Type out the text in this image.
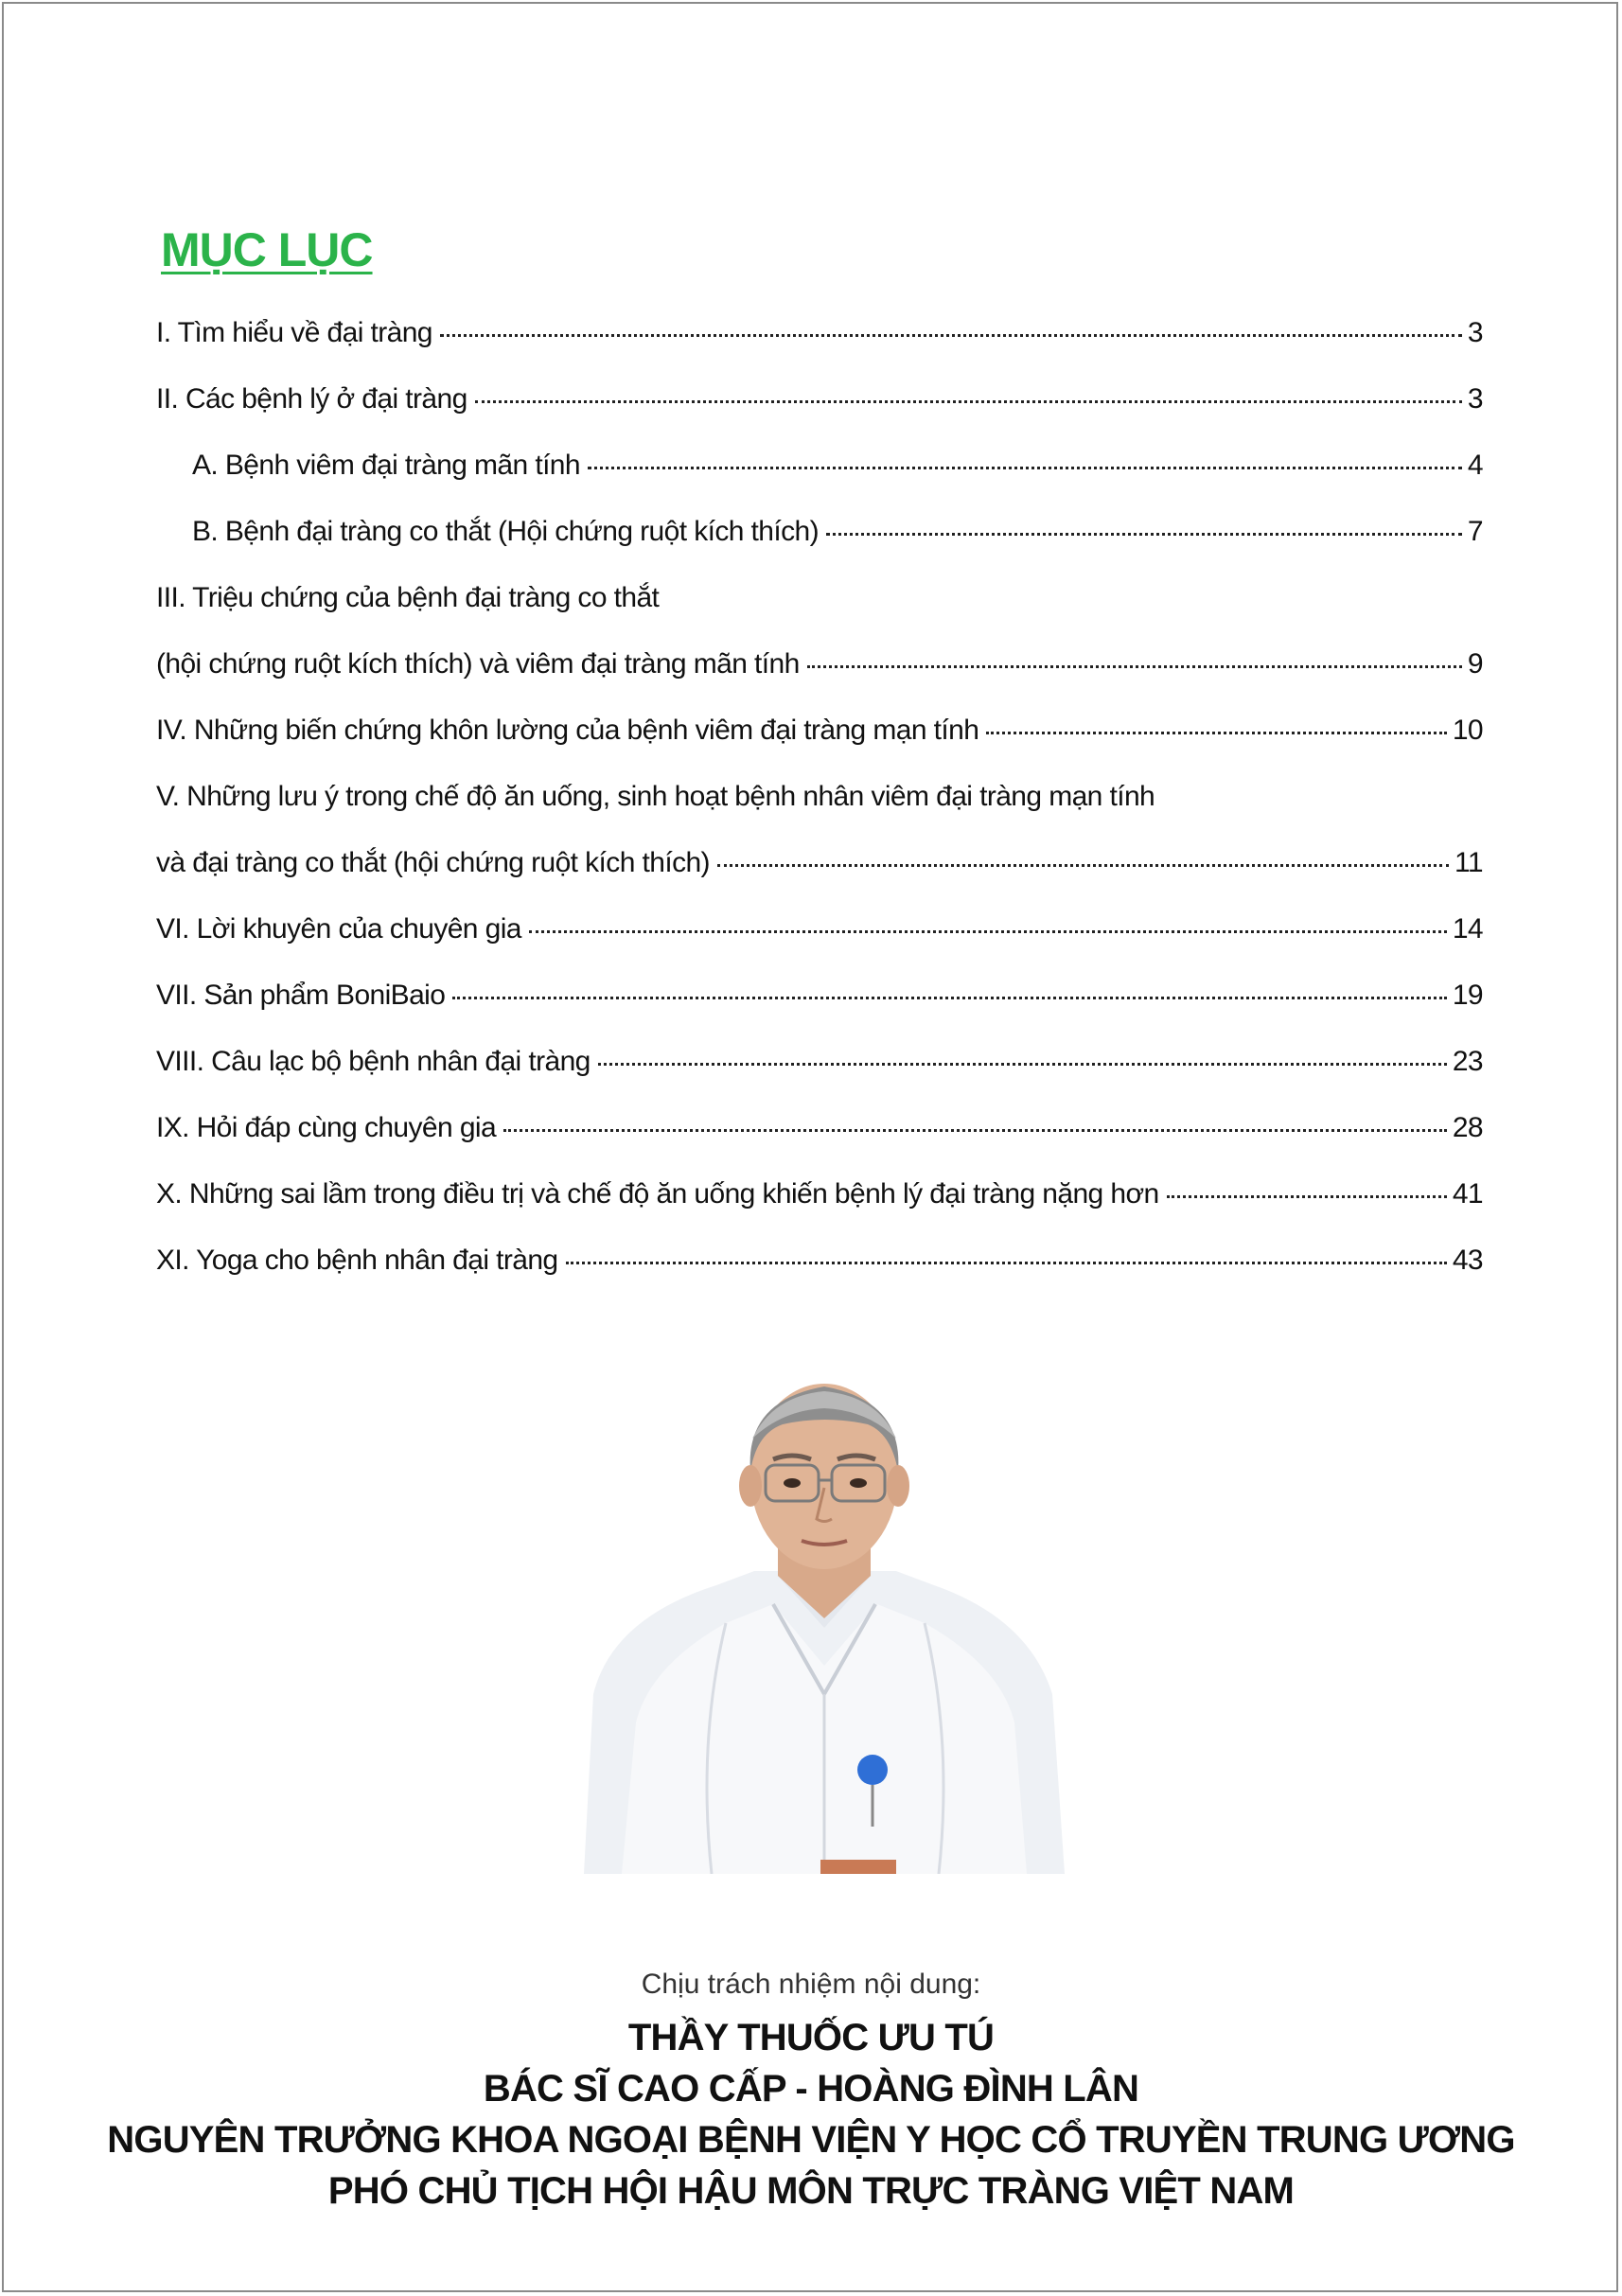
MỤC LỤC
I. Tìm hiểu về đại tràng	3
II. Các bệnh lý ở đại tràng	3
A. Bệnh viêm đại tràng mãn tính	4
B. Bệnh đại tràng co thắt (Hội chứng ruột kích thích)	7
III. Triệu chứng của bệnh đại tràng co thắt
(hội chứng ruột kích thích) và viêm đại tràng mãn tính	9
IV. Những biến chứng khôn lường của bệnh viêm đại tràng mạn tính	10
V. Những lưu ý trong chế độ ăn uống, sinh hoạt bệnh nhân viêm đại tràng mạn tính
và đại tràng co thắt (hội chứng ruột kích thích)	11
VI. Lời khuyên của chuyên gia	14
VII. Sản phẩm BoniBaio	19
VIII. Câu lạc bộ bệnh nhân đại tràng	23
IX. Hỏi đáp cùng chuyên gia	28
X. Những sai lầm trong điều trị và chế độ ăn uống khiến bệnh lý đại tràng nặng hơn	41
XI. Yoga cho bệnh nhân đại tràng	43
Chịu trách nhiệm nội dung:
THẦY THUỐC ƯU TÚ
BÁC SĨ CAO CẤP - HOÀNG ĐÌNH LÂN
NGUYÊN TRƯỞNG KHOA NGOẠI BỆNH VIỆN Y HỌC CỔ TRUYỀN TRUNG ƯƠNG
PHÓ CHỦ TỊCH HỘI HẬU MÔN TRỰC TRÀNG VIỆT NAM
